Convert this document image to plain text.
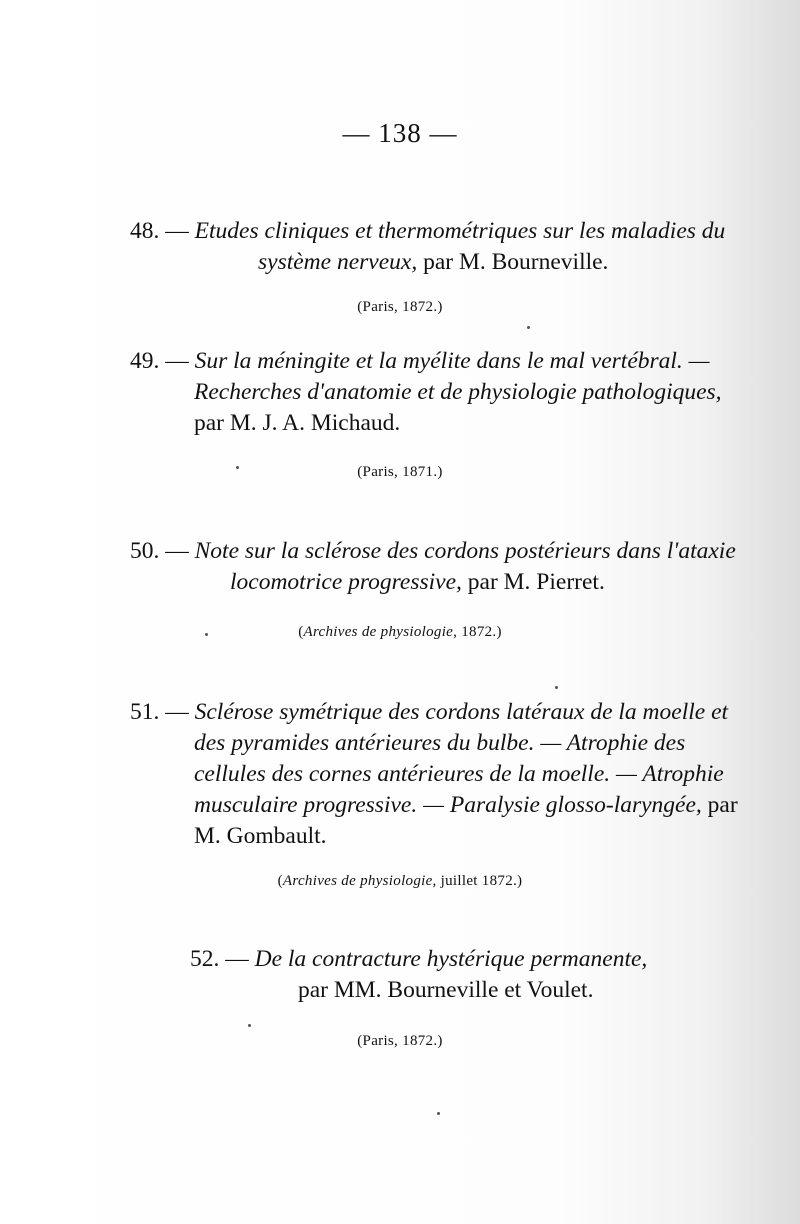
— 138 —
48. — Etudes cliniques et thermométriques sur les maladies du
système nerveux, par M. Bourneville.
(Paris, 1872.)
49. — Sur la méningite et la myélite dans le mal vertébral. —
Recherches d'anatomie et de physiologie pathologiques,
par M. J. A. Michaud.
(Paris, 1871.)
50. — Note sur la sclérose des cordons postérieurs dans l'ataxie
locomotrice progressive, par M. Pierret.
(Archives de physiologie, 1872.)
51. — Sclérose symétrique des cordons latéraux de la moelle et
des pyramides antérieures du bulbe. — Atrophie des
cellules des cornes antérieures de la moelle. — Atrophie
musculaire progressive. — Paralysie glosso-laryngée, par
M. Gombault.
(Archives de physiologie, juillet 1872.)
52. — De la contracture hystérique permanente,
par MM. Bourneville et Voulet.
(Paris, 1872.)
